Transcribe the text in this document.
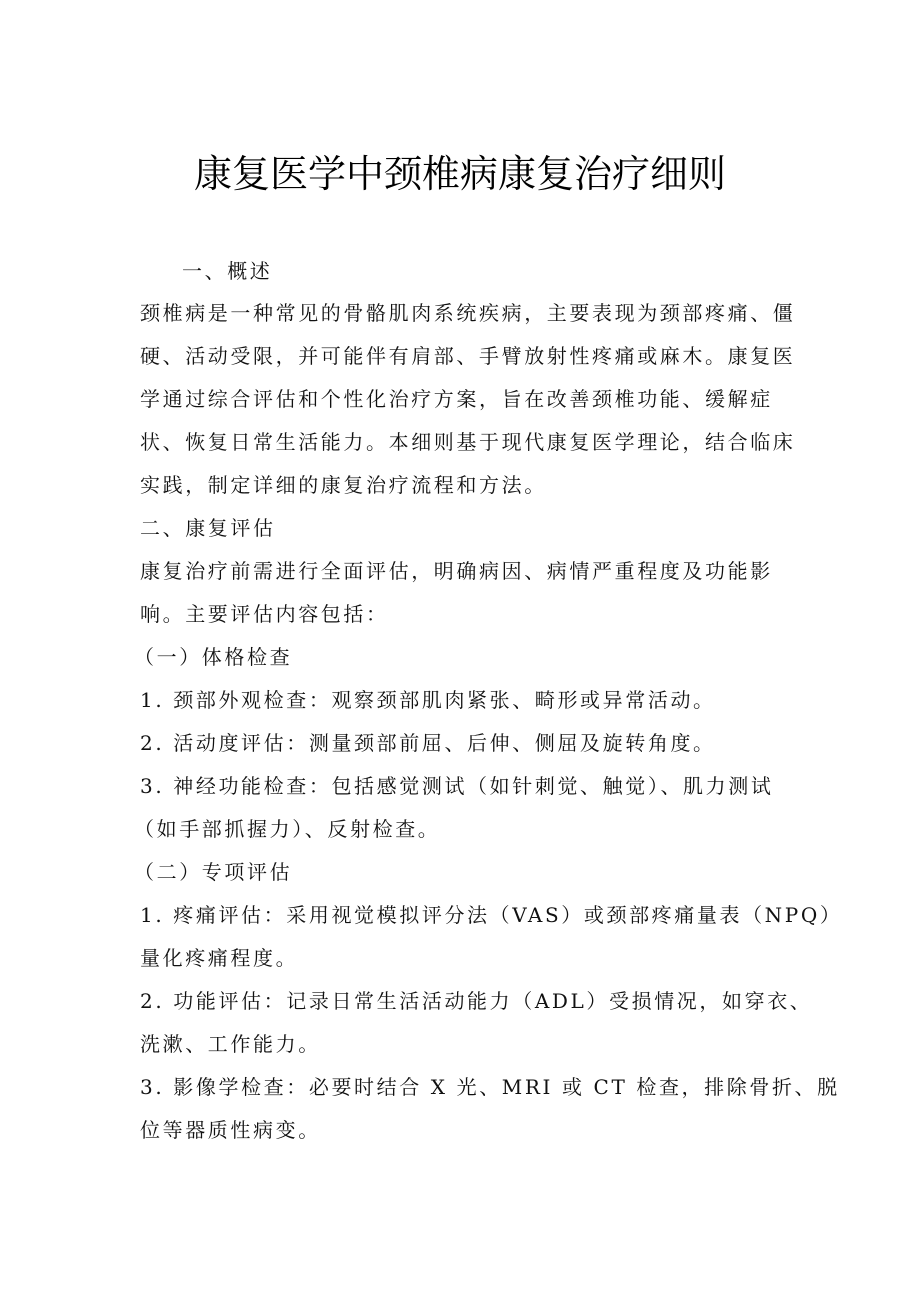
康复医学中颈椎病康复治疗细则
一、概述
颈椎病是一种常见的骨骼肌肉系统疾病，主要表现为颈部疼痛、僵
硬、活动受限，并可能伴有肩部、手臂放射性疼痛或麻木。康复医
学通过综合评估和个性化治疗方案，旨在改善颈椎功能、缓解症
状、恢复日常生活能力。本细则基于现代康复医学理论，结合临床
实践，制定详细的康复治疗流程和方法。
二、康复评估
康复治疗前需进行全面评估，明确病因、病情严重程度及功能影
响。主要评估内容包括：
（一）体格检查
1. 颈部外观检查：观察颈部肌肉紧张、畸形或异常活动。
2. 活动度评估：测量颈部前屈、后伸、侧屈及旋转角度。
3. 神经功能检查：包括感觉测试（如针刺觉、触觉）、肌力测试
（如手部抓握力）、反射检查。
（二）专项评估
1. 疼痛评估：采用视觉模拟评分法（VAS）或颈部疼痛量表（NPQ）
量化疼痛程度。
2. 功能评估：记录日常生活活动能力（ADL）受损情况，如穿衣、
洗漱、工作能力。
3. 影像学检查：必要时结合 X 光、MRI 或 CT 检查，排除骨折、脱
位等器质性病变。
